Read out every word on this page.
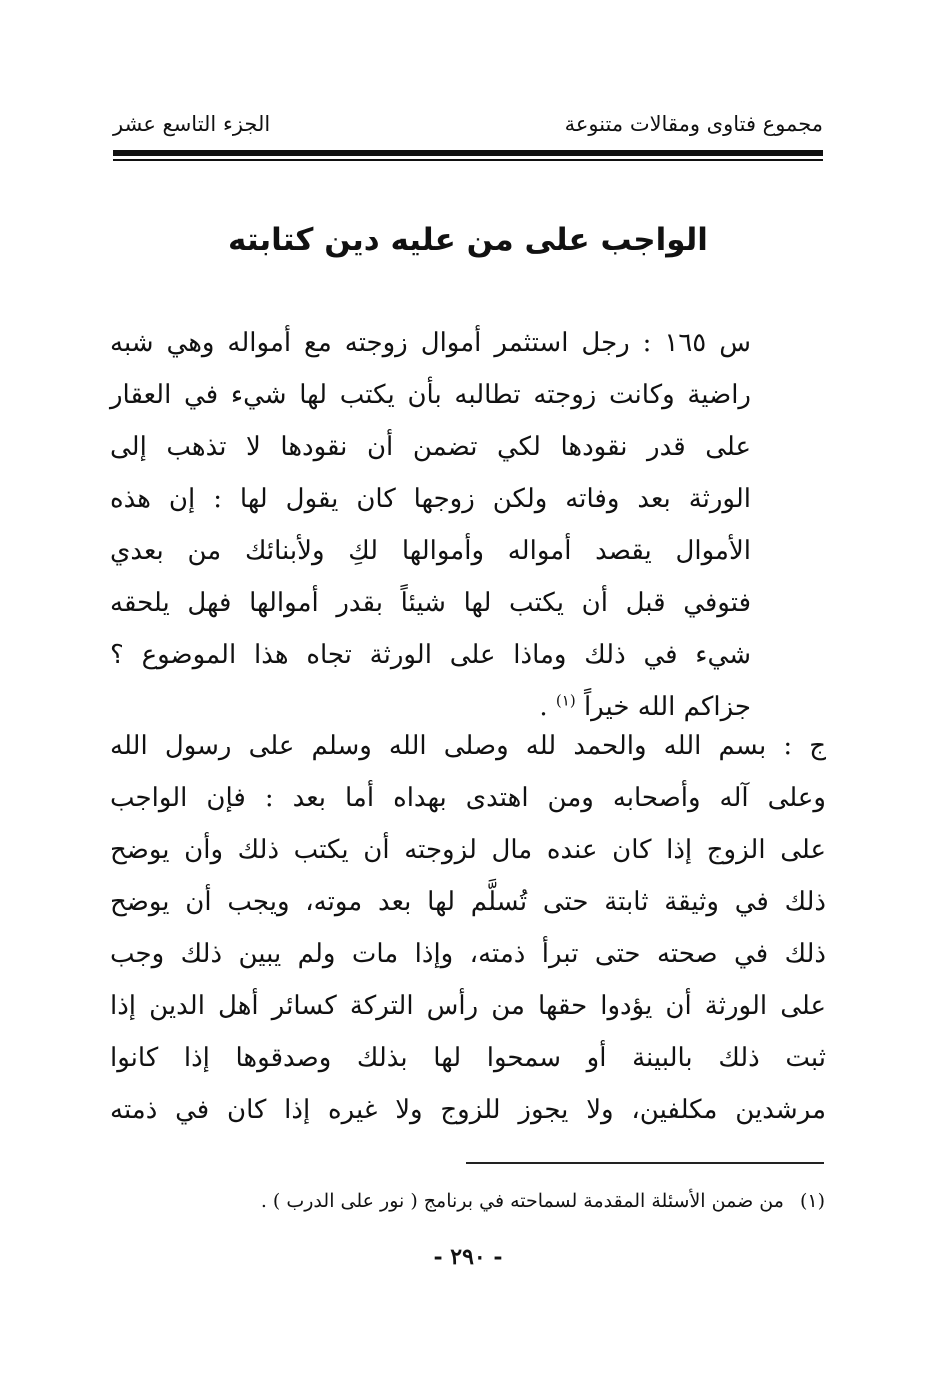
مجموع فتاوى ومقالات متنوعة
الجزء التاسع عشر
الواجب على من عليه دين كتابته
س ١٦٥ : رجل استثمر أموال زوجته مع أمواله وهي شبه
راضية وكانت زوجته تطالبه بأن يكتب لها شيء في العقار
على قدر نقودها لكي تضمن أن نقودها لا تذهب إلى
الورثة بعد وفاته ولكن زوجها كان يقول لها : إن هذه
الأموال يقصد أمواله وأموالها لكِ ولأبنائك من بعدي
فتوفي قبل أن يكتب لها شيئاً بقدر أموالها فهل يلحقه
شيء في ذلك وماذا على الورثة تجاه هذا الموضوع ؟
جزاكم الله خيراً $^{(١)}$ .
ج : بسم الله والحمد لله وصلى الله وسلم على رسول الله
وعلى آله وأصحابه ومن اهتدى بهداه أما بعد : فإن الواجب
على الزوج إذا كان عنده مال لزوجته أن يكتب ذلك وأن يوضح
ذلك في وثيقة ثابتة حتى تُسلَّم لها بعد موته، ويجب أن يوضح
ذلك في صحته حتى تبرأ ذمته، وإذا مات ولم يبين ذلك وجب
على الورثة أن يؤدوا حقها من رأس التركة كسائر أهل الدين إذا
ثبت ذلك بالبينة أو سمحوا لها بذلك وصدقوها إذا كانوا
مرشدين مكلفين، ولا يجوز للزوج ولا غيره إذا كان في ذمته
(١) من ضمن الأسئلة المقدمة لسماحته في برنامج ( نور على الدرب ) .
- ٢٩٠ -
